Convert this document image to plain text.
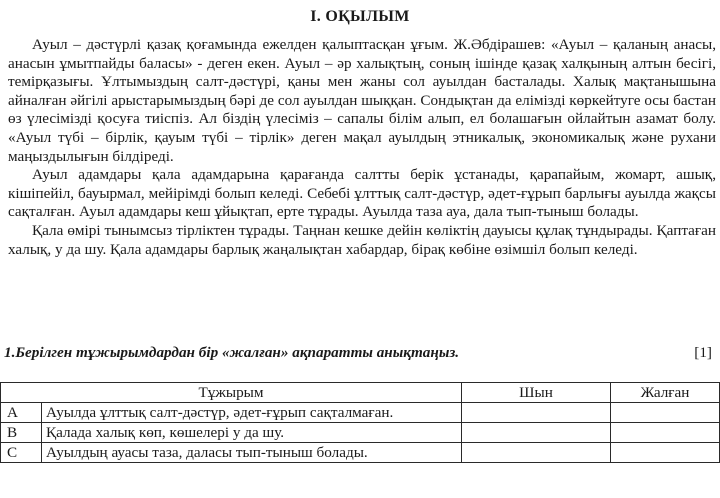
I. ОҚЫЛЫМ

Ауыл – дәстүрлі қазақ қоғамында ежелден қалыптасқан ұғым. Ж.Әбдірашев: «Ауыл – қаланың анасы, анасын ұмытпайды баласы» - деген екен. Ауыл – әр халықтың, соның ішінде қазақ халқының алтын бесігі, темірқазығы. Ұлтымыздың салт-дәстүрі, қаны мен жаны сол ауылдан басталады. Халық мақтанышына айналған әйгілі арыстарымыздың бәрі де сол ауылдан шыққан. Сондықтан да елімізді көркейтуге осы бастан өз үлесімізді қосуға тиіспіз. Ал біздің үлесіміз – сапалы білім алып, ел болашағын ойлайтын азамат болу. «Ауыл түбі – бірлік, қауым түбі – тірлік» деген мақал ауылдың этникалық, экономикалық және рухани маңыздылығын білдіреді.

Ауыл адамдары қала адамдарына қарағанда салтты берік ұстанады, қарапайым, жомарт, ашық, кішіпейіл, бауырмал, мейірімді болып келеді. Себебі ұлттық салт-дәстүр, әдет-ғұрып барлығы ауылда жақсы сақталған. Ауыл адамдары кеш ұйықтап, ерте тұрады. Ауылда таза ауа, дала тып-тыныш болады.

Қала өмірі тынымсыз тірліктен тұрады. Таңнан кешке дейін көліктің дауысы құлақ тұндырады. Қаптаған халық, у да шу. Қала адамдары барлық жаңалықтан хабардар, бірақ көбіне өзімшіл болып келеді.

1.Берілген тұжырымдардан бір «жалған» ақпаратты анықтаңыз.	[1]
Тұжырым		Шын	Жалған
A	Ауылда ұлттық салт-дәстүр, әдет-ғұрып сақталмаған.		
B	Қалада халық көп, көшелері у да шу.		
C	Ауылдың ауасы таза, даласы тып-тыныш болады.		
